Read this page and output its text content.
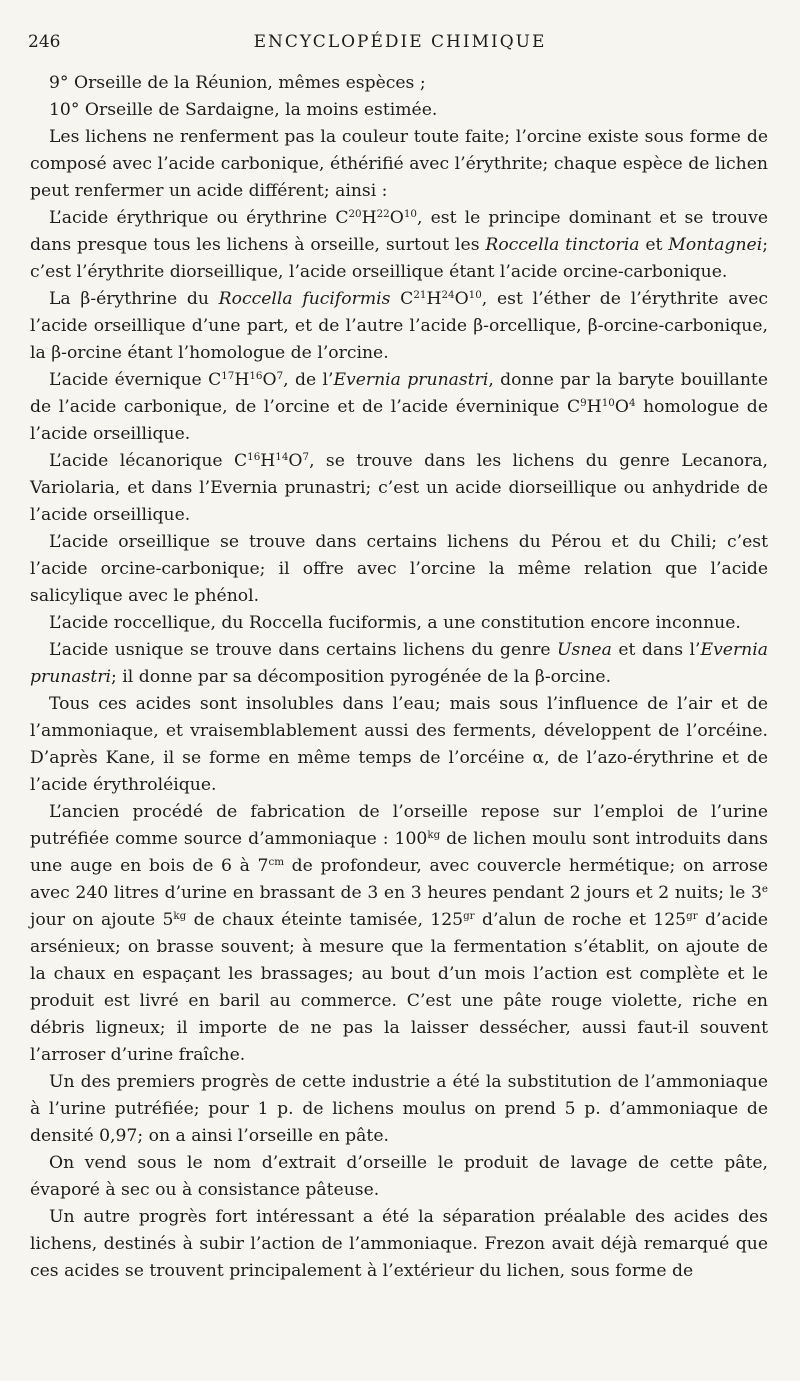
246	ENCYCLOPÉDIE CHIMIQUE

9° Orseille de la Réunion, mêmes espèces ;

10° Orseille de Sardaigne, la moins estimée.

Les lichens ne renferment pas la couleur toute faite; l’orcine existe sous forme de composé avec l’acide carbonique, éthérifié avec l’érythrite; chaque espèce de lichen peut renfermer un acide différent; ainsi :

L’acide érythrique ou érythrine $C^{20}H^{22}O^{10}$, est le principe dominant et se trouve dans presque tous les lichens à orseille, surtout les Roccella tinctoria et Montagnei; c’est l’érythrite diorseillique, l’acide orseillique étant l’acide orcine-carbonique.

La β-érythrine du Roccella fuciformis $C^{21}H^{24}O^{10}$, est l’éther de l’érythrite avec l’acide orseillique d’une part, et de l’autre l’acide β-orcellique, β-orcine-carbonique, la β-orcine étant l’homologue de l’orcine.

L’acide évernique $C^{17}H^{16}O^7$, de l’Evernia prunastri, donne par la baryte bouillante de l’acide carbonique, de l’orcine et de l’acide éverninique $C^9H^{10}O^4$ homologue de l’acide orseillique.

L’acide lécanorique $C^{16}H^{14}O^7$, se trouve dans les lichens du genre Lecanora, Variolaria, et dans l’Evernia prunastri; c’est un acide diorseillique ou anhydride de l’acide orseillique.

L’acide orseillique se trouve dans certains lichens du Pérou et du Chili; c’est l’acide orcine-carbonique; il offre avec l’orcine la même relation que l’acide salicylique avec le phénol.

L’acide roccellique, du Roccella fuciformis, a une constitution encore inconnue.

L’acide usnique se trouve dans certains lichens du genre Usnea et dans l’Evernia prunastri; il donne par sa décomposition pyrogénée de la β-orcine.

Tous ces acides sont insolubles dans l’eau; mais sous l’influence de l’air et de l’ammoniaque, et vraisemblablement aussi des ferments, développent de l’orcéine. D’après Kane, il se forme en même temps de l’orcéine α, de l’azo-érythrine et de l’acide érythroléique.

L’ancien procédé de fabrication de l’orseille repose sur l’emploi de l’urine putréfiée comme source d’ammoniaque : $100^{kg}$ de lichen moulu sont introduits dans une auge en bois de 6 à $7^{cm}$ de profondeur, avec couvercle hermétique; on arrose avec 240 litres d’urine en brassant de 3 en 3 heures pendant 2 jours et 2 nuits; le 3e jour on ajoute $5^{kg}$ de chaux éteinte tamisée, $125^{gr}$ d’alun de roche et $125^{gr}$ d’acide arsénieux; on brasse souvent; à mesure que la fermentation s’établit, on ajoute de la chaux en espaçant les brassages; au bout d’un mois l’action est complète et le produit est livré en baril au commerce. C’est une pâte rouge violette, riche en débris ligneux; il importe de ne pas la laisser dessécher, aussi faut-il souvent l’arroser d’urine fraîche.

Un des premiers progrès de cette industrie a été la substitution de l’ammoniaque à l’urine putréfiée; pour 1 p. de lichens moulus on prend 5 p. d’ammoniaque de densité 0,97; on a ainsi l’orseille en pâte.

On vend sous le nom d’extrait d’orseille le produit de lavage de cette pâte, évaporé à sec ou à consistance pâteuse.

Un autre progrès fort intéressant a été la séparation préalable des acides des lichens, destinés à subir l’action de l’ammoniaque. Frezon avait déjà remarqué que ces acides se trouvent principalement à l’extérieur du lichen, sous forme de
